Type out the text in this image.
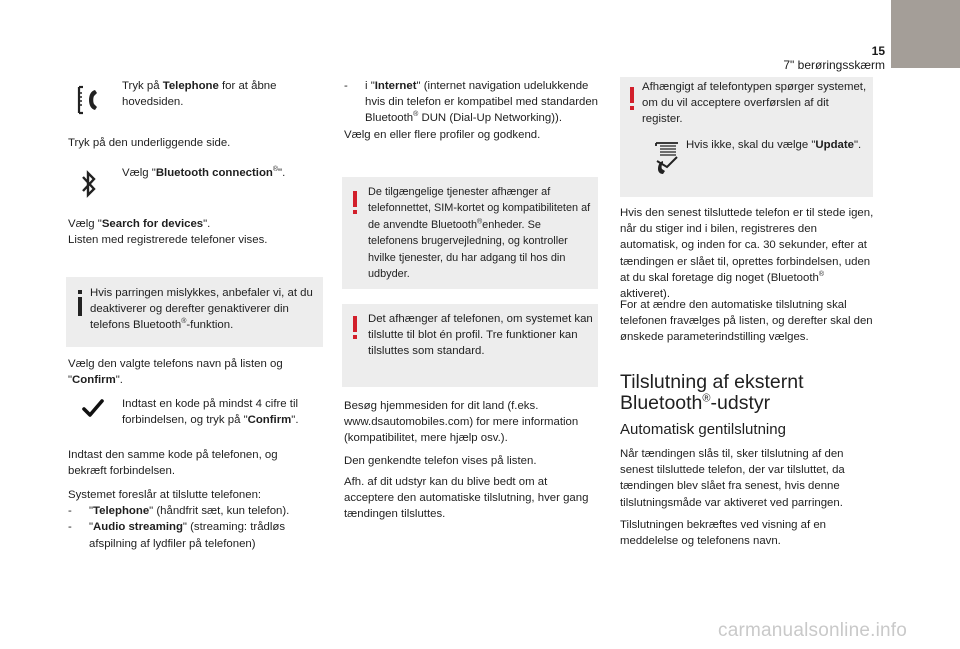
15
7" berøringsskærm
Tryk på Telephone for at åbne hovedsiden.
Tryk på den underliggende side.
Vælg "Bluetooth connection®".
Vælg "Search for devices".
Listen med registrerede telefoner vises.
Hvis parringen mislykkes, anbefaler vi, at du deaktiverer og derefter genaktiverer din telefons Bluetooth®-funktion.
Vælg den valgte telefons navn på listen og "Confirm".
Indtast en kode på mindst 4 cifre til forbindelsen, og tryk på "Confirm".
Indtast den samme kode på telefonen, og bekræft forbindelsen.
Systemet foreslår at tilslutte telefonen:
-	"Telephone" (håndfrit sæt, kun telefon).
-	"Audio streaming" (streaming: trådløs afspilning af lydfiler på telefonen)
-	i "Internet" (internet navigation udelukkende hvis din telefon er kompatibel med standarden Bluetooth® DUN (Dial-Up Networking)).
Vælg en eller flere profiler og godkend.
De tilgængelige tjenester afhænger af telefonnettet, SIM-kortet og kompatibiliteten af de anvendte Bluetooth®enheder. Se telefonens brugervejledning, og kontroller hvilke tjenester, du har adgang til hos din udbyder.
Det afhænger af telefonen, om systemet kan tilslutte til blot én profil. Tre funktioner kan tilsluttes som standard.
Besøg hjemmesiden for dit land (f.eks. www.dsautomobiles.com) for mere information (kompatibilitet, mere hjælp osv.).
Den genkendte telefon vises på listen.
Afh. af dit udstyr kan du blive bedt om at acceptere den automatiske tilslutning, hver gang tændingen tilsluttes.
Afhængigt af telefontypen spørger systemet, om du vil acceptere overførslen af dit register.
Hvis ikke, skal du vælge "Update".
Hvis den senest tilsluttede telefon er til stede igen, når du stiger ind i bilen, registreres den automatisk, og inden for ca. 30 sekunder, efter at tændingen er slået til, oprettes forbindelsen, uden at du skal foretage dig noget (Bluetooth® aktiveret).
For at ændre den automatiske tilslutning skal telefonen fravælges på listen, og derefter skal den ønskede parameterindstilling vælges.
Tilslutning af eksternt
Bluetooth®-udstyr
Automatisk gentilslutning
Når tændingen slås til, sker tilslutning af den senest tilsluttede telefon, der var tilsluttet, da tændingen blev slået fra senest, hvis denne tilslutningsmåde var aktiveret ved parringen.
Tilslutningen bekræftes ved visning af en meddelelse og telefonens navn.
carmanualsonline.info
